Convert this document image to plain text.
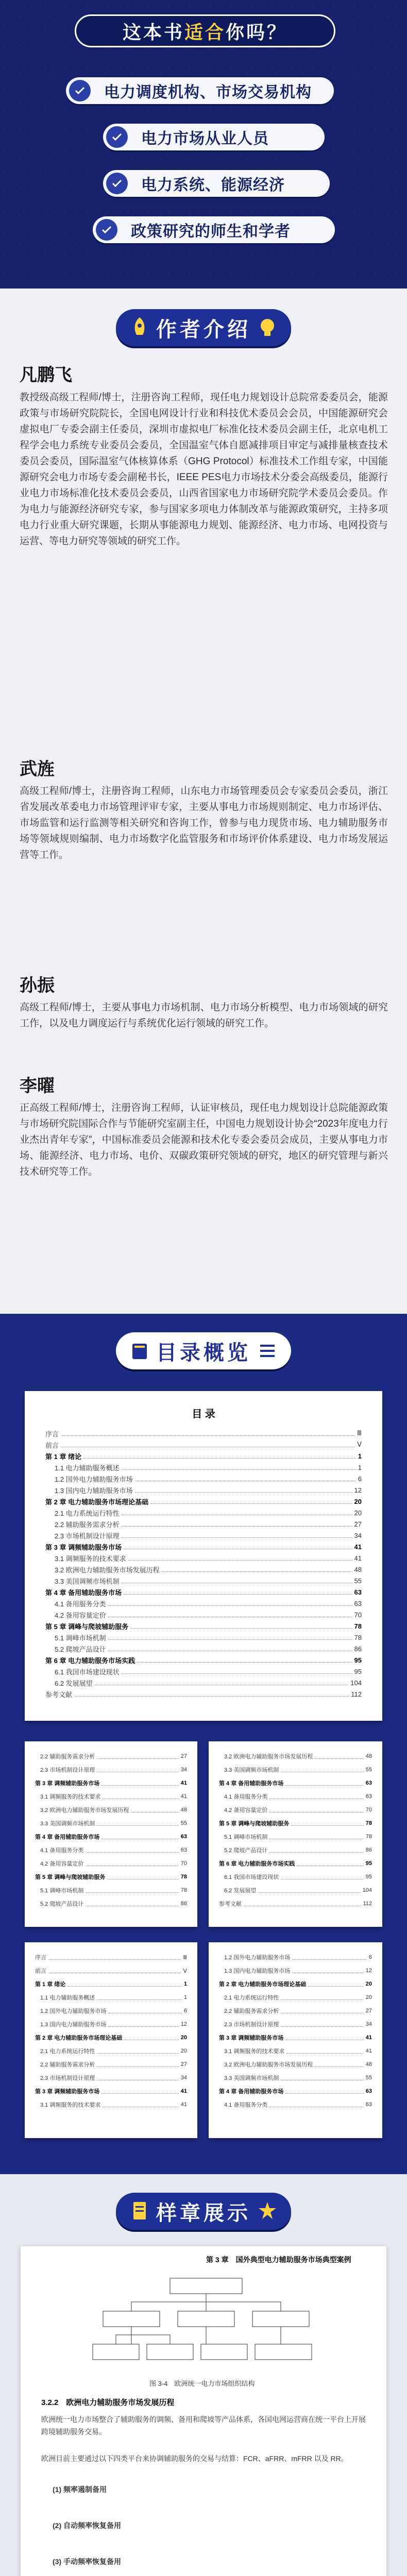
这本书 适合 你吗？
电力调度机构、市场交易机构
电力市场从业人员
电力系统、能源经济
政策研究的师生和学者
作者介绍
凡鹏飞
教授级高级工程师/博士，注册咨询工程师，现任电力规划设计总院常委委员会，能源政策与市场研究院院长，全国电网设计行业和科技优术委员会会员，中国能源研究会虚拟电厂专委会副主任委员，深圳市虚拟电厂标准化技术委员会副主任，北京电机工程学会电力系统专业委员会委员，全国温室气体自愿减排项目审定与减排量核查技术委员会委员，国际温室气体核算体系（GHG Protocol）标准技术工作组专家，中国能源研究会电力市场专委会副秘书长，IEEE PES电力市场技术分委会高级委员，能源行业电力市场标准化技术委员会委员，山西省国家电力市场研究院学术委员会委员。作为电力与能源经济研究专家，参与国家多项电力体制改革与能源政策研究，主持多项电力行业重大研究课题，长期从事能源电力规划、能源经济、电力市场、电网投资与运营、等电力研究等领域的研究工作。
武旌
高级工程师/博士，注册咨询工程师，山东电力市场管理委员会专家委员会委员，浙江省发展改革委电力市场管理评审专家，主要从事电力市场规则制定、电力市场评估、市场监管和运行监测等相关研究和咨询工作，曾参与电力现货市场、电力辅助服务市场等领域规则编制、电力市场数字化监管服务和市场评价体系建设、电力市场发展运营等工作。
孙振
高级工程师/博士，主要从事电力市场机制、电力市场分析模型、电力市场领域的研究工作，以及电力调度运行与系统优化运行领域的研究工作。
李曜
正高级工程师/博士，注册咨询工程师，认证审核员，现任电力规划设计总院能源政策与市场研究院国际合作与节能研究室副主任，中国电力规划设计协会“2023年度电力行业杰出青年专家”，中国标准委员会能源和技术化专委会委员会成员，主要从事电力市场、能源经济、电力市场、电价、双碳政策研究领域的研究，地区的研究管理与新兴技术研究等工作。
目录概览
目 录
序言	Ⅲ
前言	Ⅴ
第 1 章 绪论	1
1.1 电力辅助服务概述	1
1.2 国外电力辅助服务市场	6
1.3 国内电力辅助服务市场	12
第 2 章 电力辅助服务市场理论基础	20
2.1 电力系统运行特性	20
2.2 辅助服务需求分析	27
2.3 市场机制设计原理	34
第 3 章 调频辅助服务市场	41
3.1 调频服务的技术要求	41
3.2 欧洲电力辅助服务市场发展历程	48
3.3 美国调频市场机制	55
第 4 章 备用辅助服务市场	63
4.1 备用服务分类	63
4.2 备用容量定价	70
第 5 章 调峰与爬坡辅助服务	78
5.1 调峰市场机制	78
5.2 爬坡产品设计	86
第 6 章 电力辅助服务市场实践	95
6.1 我国市场建设现状	95
6.2 发展展望	104
参考文献	112
2.2 辅助服务需求分析	27
2.3 市场机制设计原理	34
第 3 章 调频辅助服务市场	41
3.1 调频服务的技术要求	41
3.2 欧洲电力辅助服务市场发展历程	48
3.3 美国调频市场机制	55
第 4 章 备用辅助服务市场	63
4.1 备用服务分类	63
4.2 备用容量定价	70
第 5 章 调峰与爬坡辅助服务	78
5.1 调峰市场机制	78
5.2 爬坡产品设计	86
3.2 欧洲电力辅助服务市场发展历程	48
3.3 美国调频市场机制	55
第 4 章 备用辅助服务市场	63
4.1 备用服务分类	63
4.2 备用容量定价	70
第 5 章 调峰与爬坡辅助服务	78
5.1 调峰市场机制	78
5.2 爬坡产品设计	86
第 6 章 电力辅助服务市场实践	95
6.1 我国市场建设现状	95
6.2 发展展望	104
参考文献	112
序言	Ⅲ
前言	Ⅴ
第 1 章 绪论	1
1.1 电力辅助服务概述	1
1.2 国外电力辅助服务市场	6
1.3 国内电力辅助服务市场	12
第 2 章 电力辅助服务市场理论基础	20
2.1 电力系统运行特性	20
2.2 辅助服务需求分析	27
2.3 市场机制设计原理	34
第 3 章 调频辅助服务市场	41
3.1 调频服务的技术要求	41
1.2 国外电力辅助服务市场	6
1.3 国内电力辅助服务市场	12
第 2 章 电力辅助服务市场理论基础	20
2.1 电力系统运行特性	20
2.2 辅助服务需求分析	27
2.3 市场机制设计原理	34
第 3 章 调频辅助服务市场	41
3.1 调频服务的技术要求	41
3.2 欧洲电力辅助服务市场发展历程	48
3.3 美国调频市场机制	55
第 4 章 备用辅助服务市场	63
4.1 备用服务分类	63
样章展示
第 3 章　国外典型电力辅助服务市场典型案例
图 3-4　欧洲统一电力市场组织结构
3.2.2　欧洲电力辅助服务市场发展历程
欧洲统一电力市场整合了辅助服务的调频、备用和爬坡等产品体系，各国电网运营商在统一平台上开展跨境辅助服务交易。
欧洲目前主要通过以下四类平台来协调辅助服务的交易与结算：FCR、aFRR、mFRR 以及 RR。
(1) 频率遏制备用
(2) 自动频率恢复备用
(3) 手动频率恢复备用
